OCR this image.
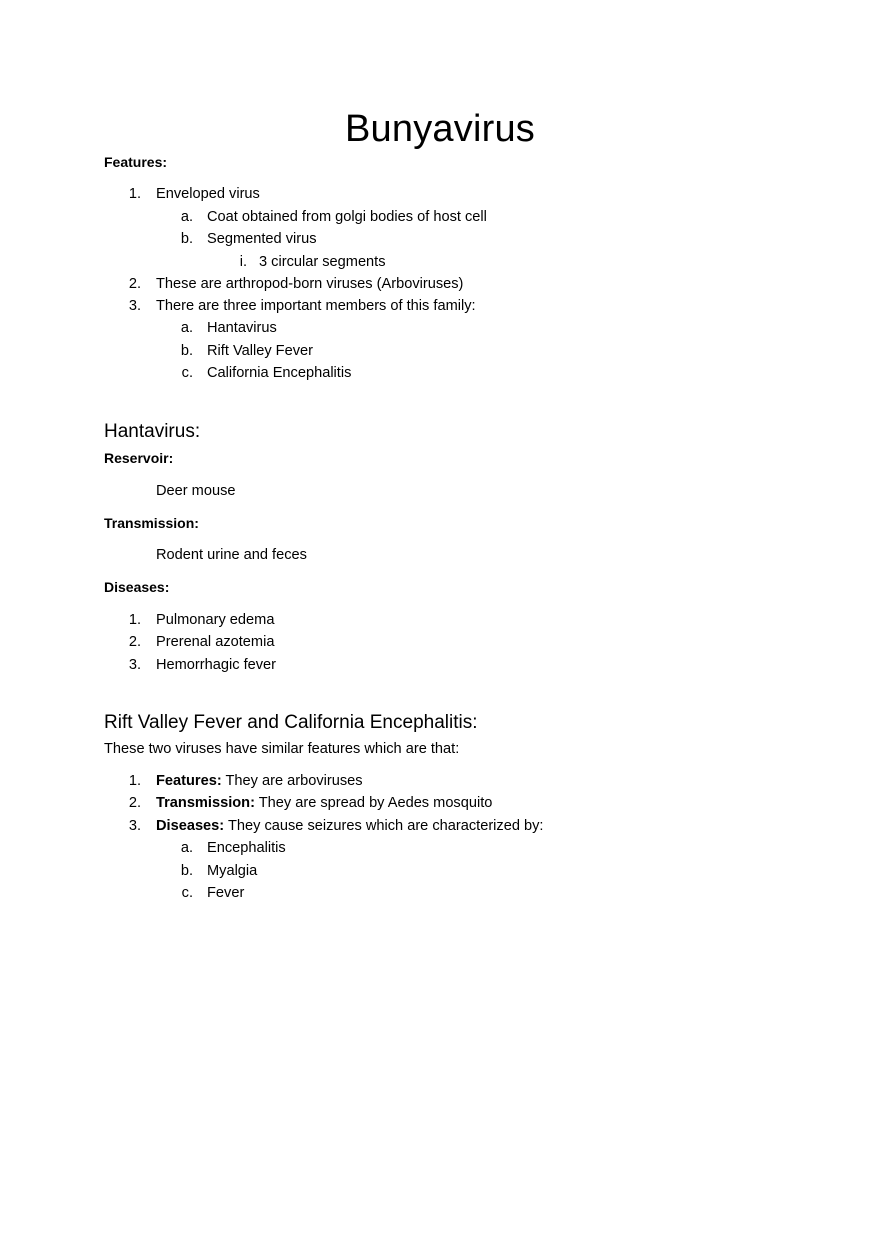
Bunyavirus
Features:
1. Enveloped virus
a. Coat obtained from golgi bodies of host cell
b. Segmented virus
i. 3 circular segments
2. These are arthropod-born viruses (Arboviruses)
3. There are three important members of this family:
a. Hantavirus
b. Rift Valley Fever
c. California Encephalitis
Hantavirus:
Reservoir:
Deer mouse
Transmission:
Rodent urine and feces
Diseases:
1. Pulmonary edema
2. Prerenal azotemia
3. Hemorrhagic fever
Rift Valley Fever and California Encephalitis:
These two viruses have similar features which are that:
1. Features: They are arboviruses
2. Transmission: They are spread by Aedes mosquito
3. Diseases: They cause seizures which are characterized by:
a. Encephalitis
b. Myalgia
c. Fever
